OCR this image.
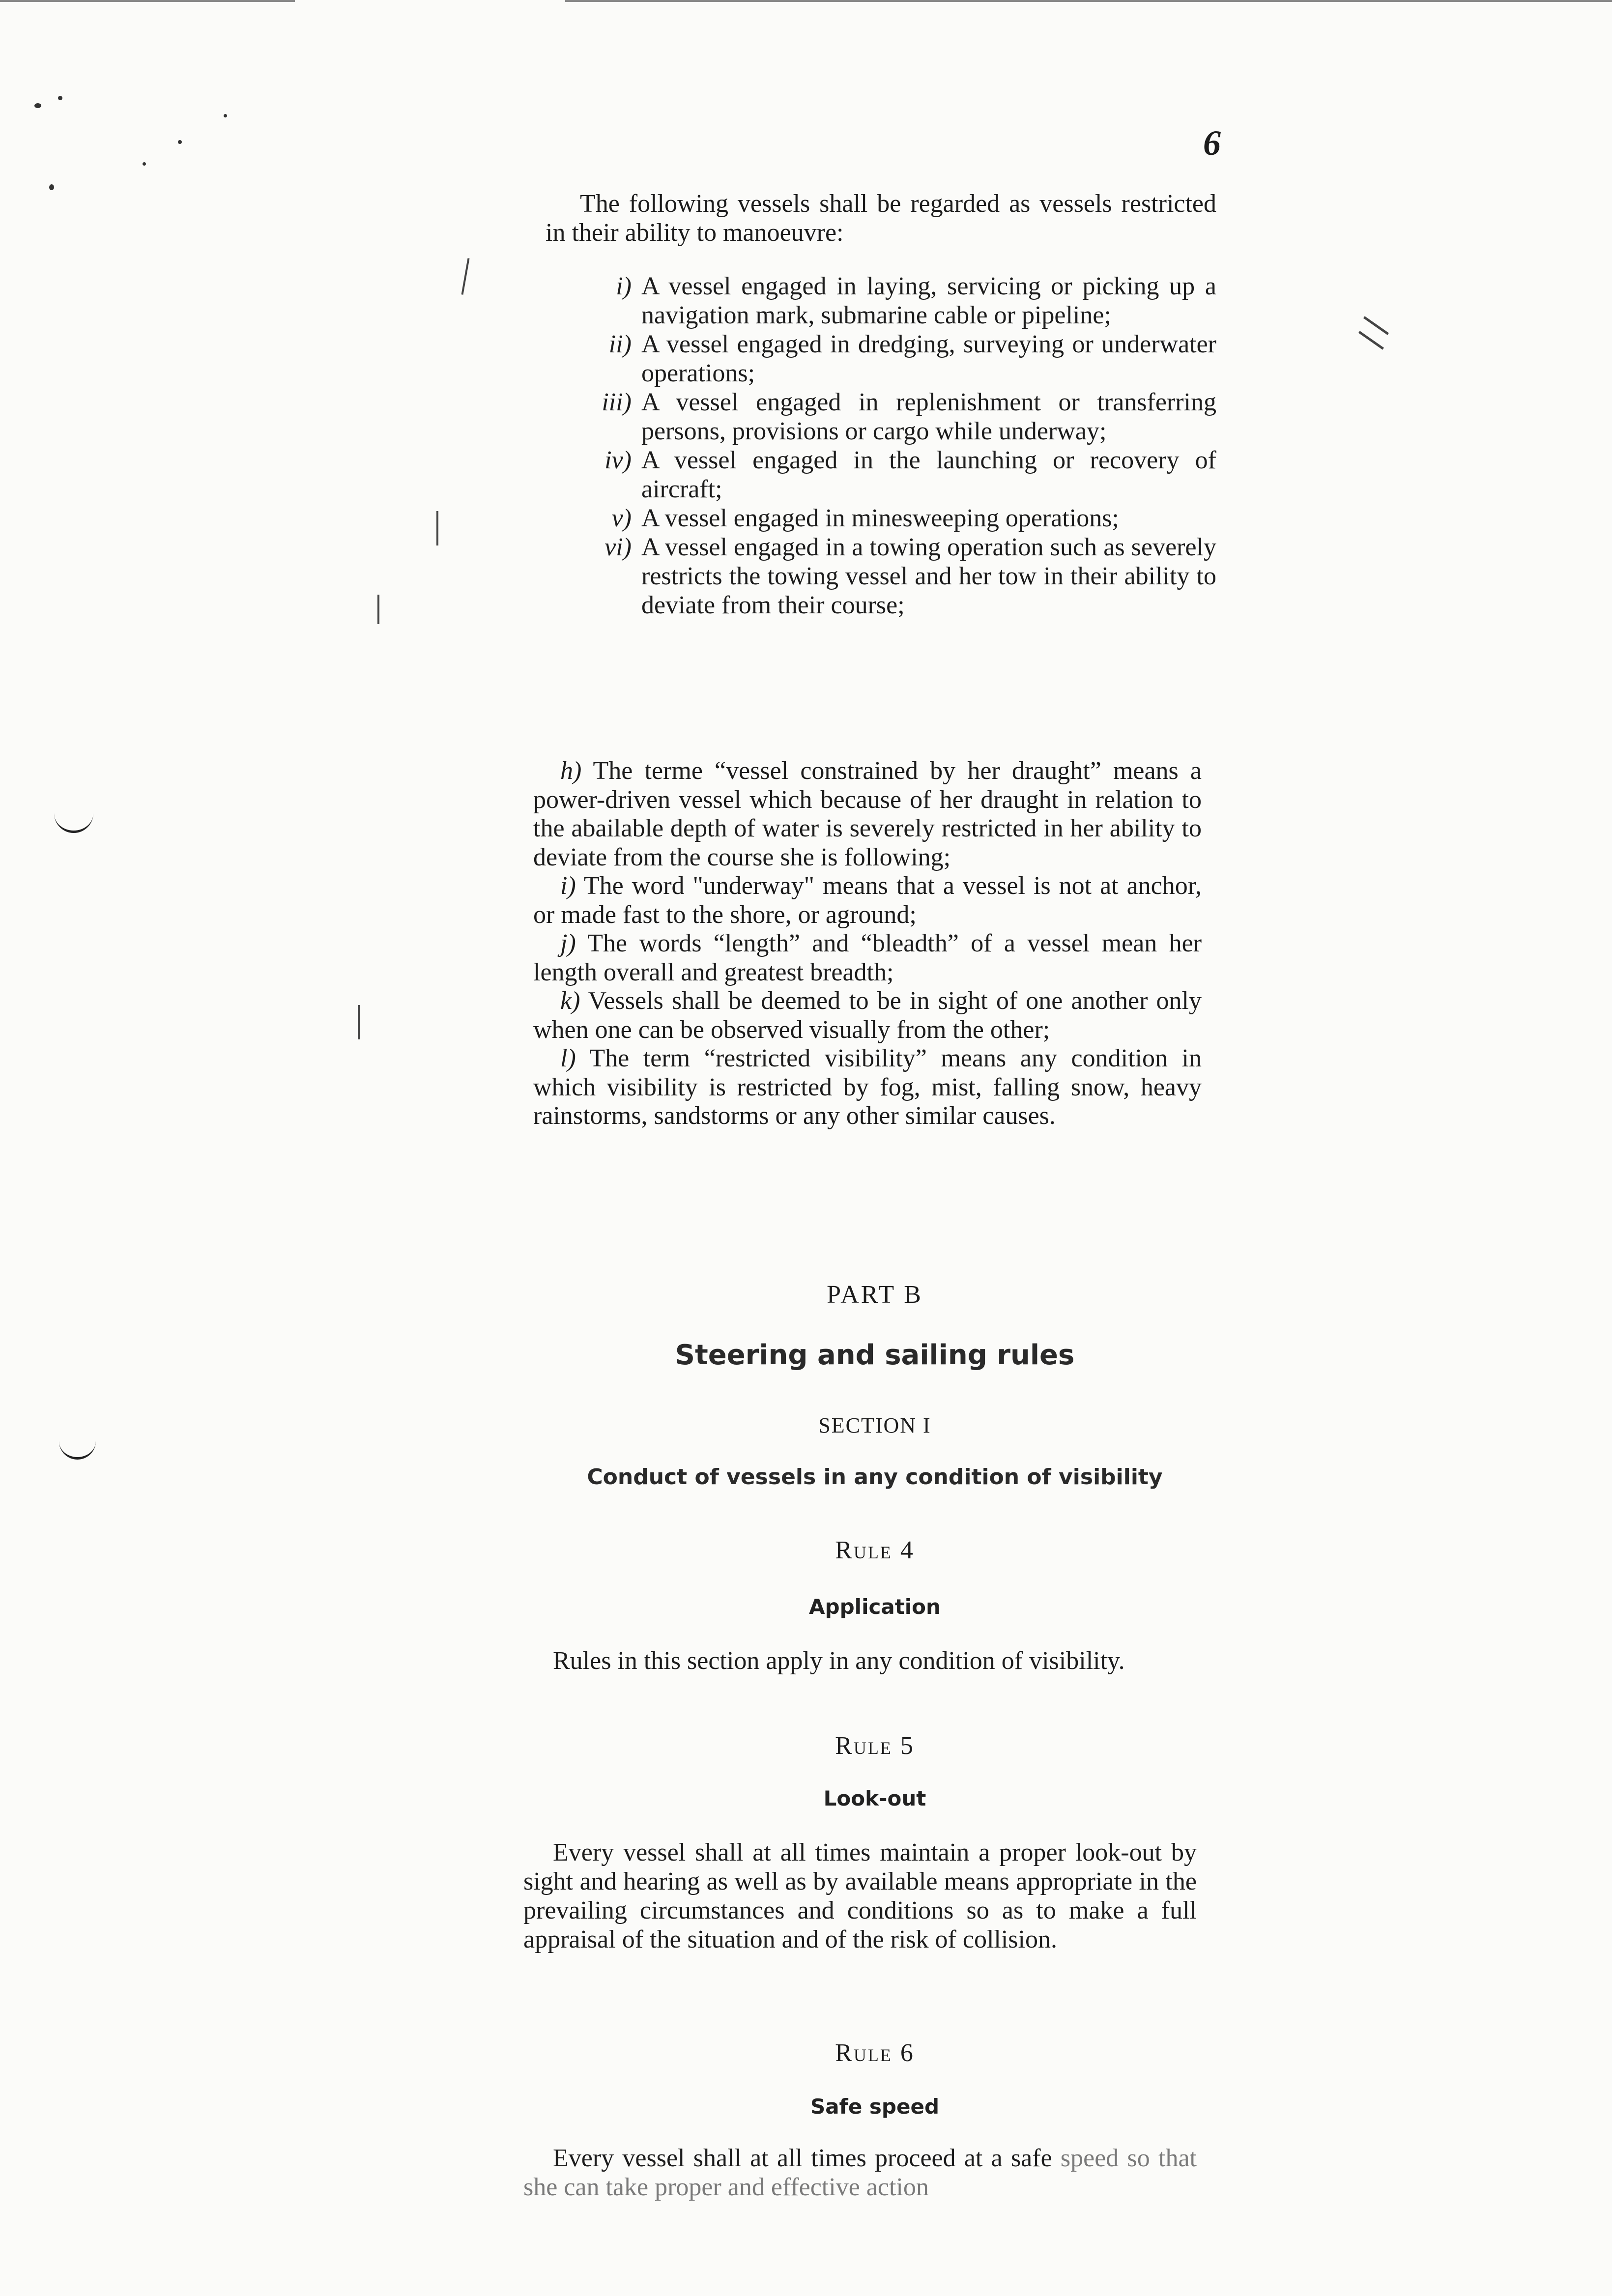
6
The following vessels shall be regarded as vessels restricted in their ability to manoeuvre:
i) A vessel engaged in laying, servicing or picking up a navigation mark, submarine cable or pipeline;
ii) A vessel engaged in dredging, surveying or underwater operations;
iii) A vessel engaged in replenishment or transferring persons, provisions or cargo while underway;
iv) A vessel engaged in the launching or recovery of aircraft;
v) A vessel engaged in minesweeping operations;
vi) A vessel engaged in a towing operation such as severely restricts the towing vessel and her tow in their ability to deviate from their course;

h) The terme “vessel constrained by her draught” means a power-driven vessel which because of her draught in relation to the abailable depth of water is severely restricted in her ability to deviate from the course she is following;

i) The word "underway" means that a vessel is not at anchor, or made fast to the shore, or aground;

j) The words “length” and “bleadth” of a vessel mean her length overall and greatest breadth;

k) Vessels shall be deemed to be in sight of one another only when one can be observed visually from the other;

l) The term “restricted visibility” means any condition in which visibility is restricted by fog, mist, falling snow, heavy rainstorms, sandstorms or any other similar causes.

PART B
Steering and sailing rules
SECTION I
Conduct of vessels in any condition of visibility
Rule 4
Application
Rules in this section apply in any condition of visibility.
Rule 5
Look-out
Every vessel shall at all times maintain a proper look-out by sight and hearing as well as by available means appropriate in the prevailing circumstances and conditions so as to make a full appraisal of the situation and of the risk of collision.
Rule 6
Safe speed
Every vessel shall at all times proceed at a safe speed so that she can take proper and effective action
